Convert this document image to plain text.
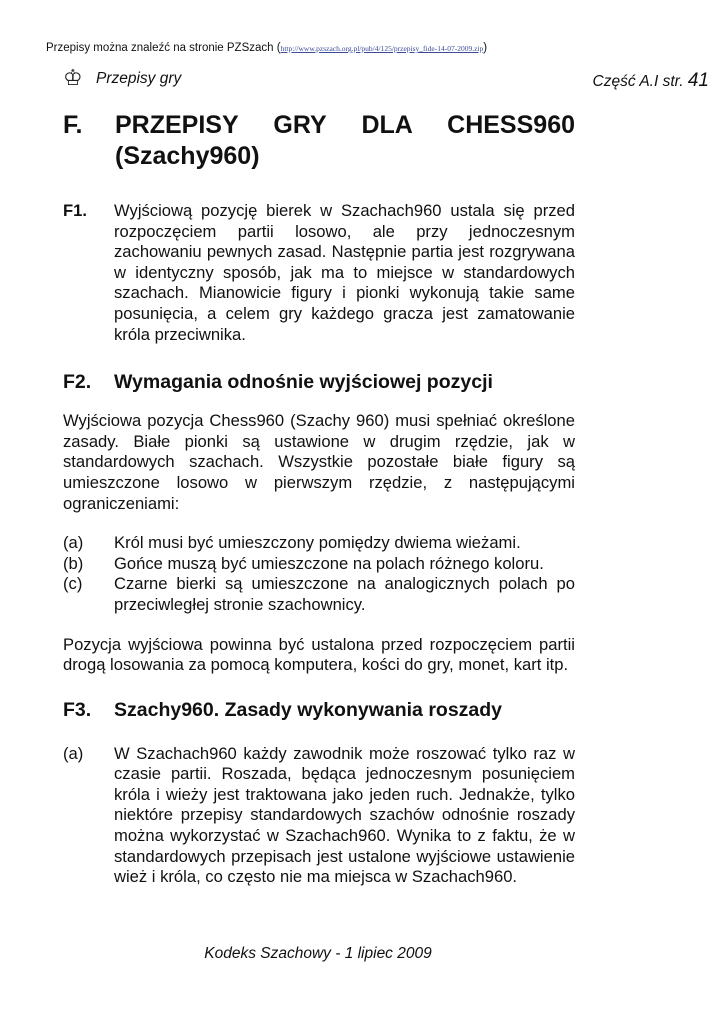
Przepisy można znaleźć na stronie PZSzach (http://www.pzszach.org.pl/pub/4/125/przepisy_fide-14-07-2009.zip)
♔ Przepisy gry	Część A.I str. 41
F.	PRZEPISY GRY DLA CHESS960 (Szachy960)
F1.	Wyjściową pozycję bierek w Szachach960 ustala się przed rozpoczęciem partii losowo, ale przy jednoczesnym zachowaniu pewnych zasad. Następnie partia jest rozgrywana w identyczny sposób, jak ma to miejsce w standardowych szachach. Mianowicie figury i pionki wykonują takie same posunięcia, a celem gry każdego gracza jest zamatowanie króla przeciwnika.
F2.	Wymagania odnośnie wyjściowej pozycji
Wyjściowa pozycja Chess960 (Szachy 960) musi spełniać określone zasady. Białe pionki są ustawione w drugim rzędzie, jak w standardowych szachach. Wszystkie pozostałe białe figury są umieszczone losowo w pierwszym rzędzie, z następującymi ograniczeniami:
(a)	Król musi być umieszczony pomiędzy dwiema wieżami.
(b)	Gońce muszą być umieszczone na polach różnego koloru.
(c)	Czarne bierki są umieszczone na analogicznych polach po przeciwległej stronie szachownicy.
Pozycja wyjściowa powinna być ustalona przed rozpoczęciem partii drogą losowania za pomocą komputera, kości do gry, monet, kart itp.
F3.	Szachy960. Zasady wykonywania roszady
(a)	W Szachach960 każdy zawodnik może roszować tylko raz w czasie partii. Roszada, będąca jednoczesnym posunięciem króla i wieży jest traktowana jako jeden ruch. Jednakże, tylko niektóre przepisy standardowych szachów odnośnie roszady można wykorzystać w Szachach960. Wynika to z faktu, że w standardowych przepisach jest ustalone wyjściowe ustawienie wież i króla, co często nie ma miejsca w Szachach960.
Kodeks Szachowy - 1 lipiec 2009
